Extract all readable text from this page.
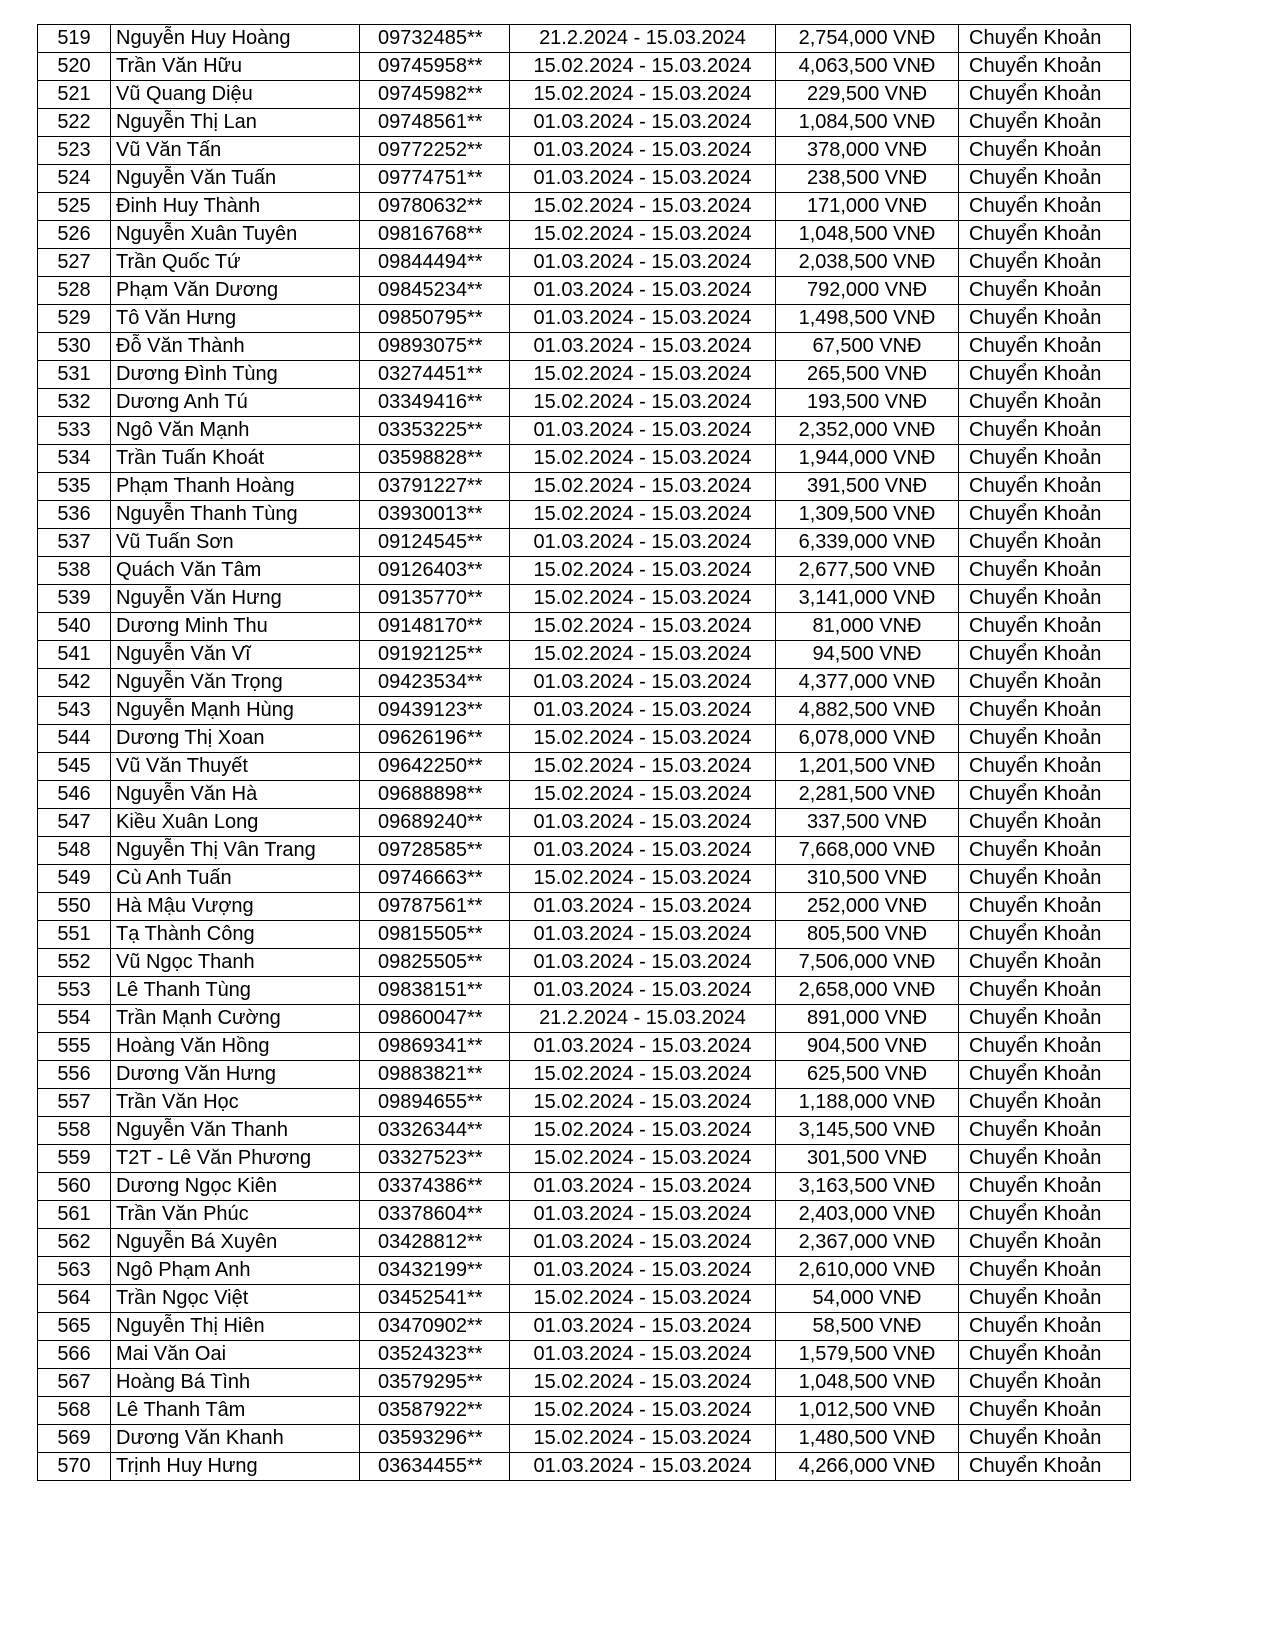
519	Nguyễn Huy Hoàng	09732485**	21.2.2024 - 15.03.2024	2,754,000 VNĐ	Chuyển Khoản
520	Trần Văn Hữu	09745958**	15.02.2024 - 15.03.2024	4,063,500 VNĐ	Chuyển Khoản
521	Vũ Quang Diệu	09745982**	15.02.2024 - 15.03.2024	229,500 VNĐ	Chuyển Khoản
522	Nguyễn Thị Lan	09748561**	01.03.2024 - 15.03.2024	1,084,500 VNĐ	Chuyển Khoản
523	Vũ Văn Tấn	09772252**	01.03.2024 - 15.03.2024	378,000 VNĐ	Chuyển Khoản
524	Nguyễn Văn Tuấn	09774751**	01.03.2024 - 15.03.2024	238,500 VNĐ	Chuyển Khoản
525	Đinh Huy Thành	09780632**	15.02.2024 - 15.03.2024	171,000 VNĐ	Chuyển Khoản
526	Nguyễn Xuân Tuyên	09816768**	15.02.2024 - 15.03.2024	1,048,500 VNĐ	Chuyển Khoản
527	Trần Quốc Tứ	09844494**	01.03.2024 - 15.03.2024	2,038,500 VNĐ	Chuyển Khoản
528	Phạm Văn Dương	09845234**	01.03.2024 - 15.03.2024	792,000 VNĐ	Chuyển Khoản
529	Tô Văn Hưng	09850795**	01.03.2024 - 15.03.2024	1,498,500 VNĐ	Chuyển Khoản
530	Đỗ Văn Thành	09893075**	01.03.2024 - 15.03.2024	67,500 VNĐ	Chuyển Khoản
531	Dương Đình Tùng	03274451**	15.02.2024 - 15.03.2024	265,500 VNĐ	Chuyển Khoản
532	Dương Anh Tú	03349416**	15.02.2024 - 15.03.2024	193,500 VNĐ	Chuyển Khoản
533	Ngô Văn Mạnh	03353225**	01.03.2024 - 15.03.2024	2,352,000 VNĐ	Chuyển Khoản
534	Trần Tuấn Khoát	03598828**	15.02.2024 - 15.03.2024	1,944,000 VNĐ	Chuyển Khoản
535	Phạm Thanh Hoàng	03791227**	15.02.2024 - 15.03.2024	391,500 VNĐ	Chuyển Khoản
536	Nguyễn Thanh Tùng	03930013**	15.02.2024 - 15.03.2024	1,309,500 VNĐ	Chuyển Khoản
537	Vũ Tuấn Sơn	09124545**	01.03.2024 - 15.03.2024	6,339,000 VNĐ	Chuyển Khoản
538	Quách Văn Tâm	09126403**	15.02.2024 - 15.03.2024	2,677,500 VNĐ	Chuyển Khoản
539	Nguyễn Văn Hưng	09135770**	15.02.2024 - 15.03.2024	3,141,000 VNĐ	Chuyển Khoản
540	Dương Minh Thu	09148170**	15.02.2024 - 15.03.2024	81,000 VNĐ	Chuyển Khoản
541	Nguyễn Văn Vĩ	09192125**	15.02.2024 - 15.03.2024	94,500 VNĐ	Chuyển Khoản
542	Nguyễn Văn Trọng	09423534**	01.03.2024 - 15.03.2024	4,377,000 VNĐ	Chuyển Khoản
543	Nguyễn Mạnh Hùng	09439123**	01.03.2024 - 15.03.2024	4,882,500 VNĐ	Chuyển Khoản
544	Dương Thị Xoan	09626196**	15.02.2024 - 15.03.2024	6,078,000 VNĐ	Chuyển Khoản
545	Vũ Văn Thuyết	09642250**	15.02.2024 - 15.03.2024	1,201,500 VNĐ	Chuyển Khoản
546	Nguyễn Văn Hà	09688898**	15.02.2024 - 15.03.2024	2,281,500 VNĐ	Chuyển Khoản
547	Kiều Xuân Long	09689240**	01.03.2024 - 15.03.2024	337,500 VNĐ	Chuyển Khoản
548	Nguyễn Thị Vân Trang	09728585**	01.03.2024 - 15.03.2024	7,668,000 VNĐ	Chuyển Khoản
549	Cù Anh Tuấn	09746663**	15.02.2024 - 15.03.2024	310,500 VNĐ	Chuyển Khoản
550	Hà Mậu Vượng	09787561**	01.03.2024 - 15.03.2024	252,000 VNĐ	Chuyển Khoản
551	Tạ Thành Công	09815505**	01.03.2024 - 15.03.2024	805,500 VNĐ	Chuyển Khoản
552	Vũ Ngọc Thanh	09825505**	01.03.2024 - 15.03.2024	7,506,000 VNĐ	Chuyển Khoản
553	Lê Thanh Tùng	09838151**	01.03.2024 - 15.03.2024	2,658,000 VNĐ	Chuyển Khoản
554	Trần Mạnh Cường	09860047**	21.2.2024 - 15.03.2024	891,000 VNĐ	Chuyển Khoản
555	Hoàng Văn Hồng	09869341**	01.03.2024 - 15.03.2024	904,500 VNĐ	Chuyển Khoản
556	Dương Văn Hưng	09883821**	15.02.2024 - 15.03.2024	625,500 VNĐ	Chuyển Khoản
557	Trần Văn Học	09894655**	15.02.2024 - 15.03.2024	1,188,000 VNĐ	Chuyển Khoản
558	Nguyễn Văn Thanh	03326344**	15.02.2024 - 15.03.2024	3,145,500 VNĐ	Chuyển Khoản
559	T2T - Lê Văn Phương	03327523**	15.02.2024 - 15.03.2024	301,500 VNĐ	Chuyển Khoản
560	Dương Ngọc Kiên	03374386**	01.03.2024 - 15.03.2024	3,163,500 VNĐ	Chuyển Khoản
561	Trần Văn Phúc	03378604**	01.03.2024 - 15.03.2024	2,403,000 VNĐ	Chuyển Khoản
562	Nguyễn Bá Xuyên	03428812**	01.03.2024 - 15.03.2024	2,367,000 VNĐ	Chuyển Khoản
563	Ngô Phạm Anh	03432199**	01.03.2024 - 15.03.2024	2,610,000 VNĐ	Chuyển Khoản
564	Trần Ngọc Việt	03452541**	15.02.2024 - 15.03.2024	54,000 VNĐ	Chuyển Khoản
565	Nguyễn Thị Hiên	03470902**	01.03.2024 - 15.03.2024	58,500 VNĐ	Chuyển Khoản
566	Mai Văn Oai	03524323**	01.03.2024 - 15.03.2024	1,579,500 VNĐ	Chuyển Khoản
567	Hoàng Bá Tình	03579295**	15.02.2024 - 15.03.2024	1,048,500 VNĐ	Chuyển Khoản
568	Lê Thanh Tâm	03587922**	15.02.2024 - 15.03.2024	1,012,500 VNĐ	Chuyển Khoản
569	Dương Văn Khanh	03593296**	15.02.2024 - 15.03.2024	1,480,500 VNĐ	Chuyển Khoản
570	Trịnh Huy Hưng	03634455**	01.03.2024 - 15.03.2024	4,266,000 VNĐ	Chuyển Khoản
